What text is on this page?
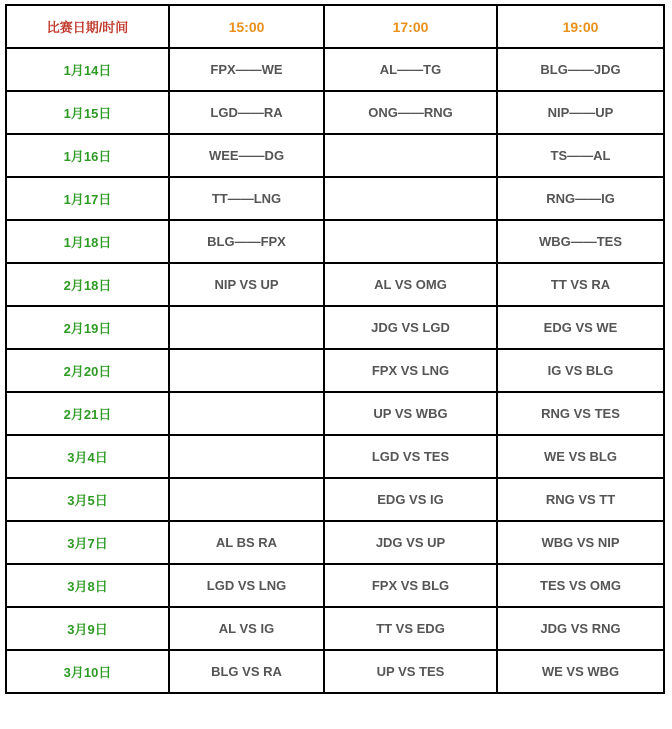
比赛日期/时间	15:00	17:00	19:00
1月14日	FPX——WE	AL——TG	BLG——JDG
1月15日	LGD——RA	ONG——RNG	NIP——UP
1月16日	WEE——DG		TS——AL
1月17日	TT——LNG		RNG——IG
1月18日	BLG——FPX		WBG——TES
2月18日	NIP VS UP	AL VS OMG	TT VS RA
2月19日		JDG VS LGD	EDG VS WE
2月20日		FPX VS LNG	IG VS BLG
2月21日		UP VS WBG	RNG VS TES
3月4日		LGD VS TES	WE VS BLG
3月5日		EDG VS IG	RNG VS TT
3月7日	AL BS RA	JDG VS UP	WBG VS NIP
3月8日	LGD VS LNG	FPX VS BLG	TES VS OMG
3月9日	AL VS IG	TT VS EDG	JDG VS RNG
3月10日	BLG VS RA	UP VS TES	WE VS WBG
